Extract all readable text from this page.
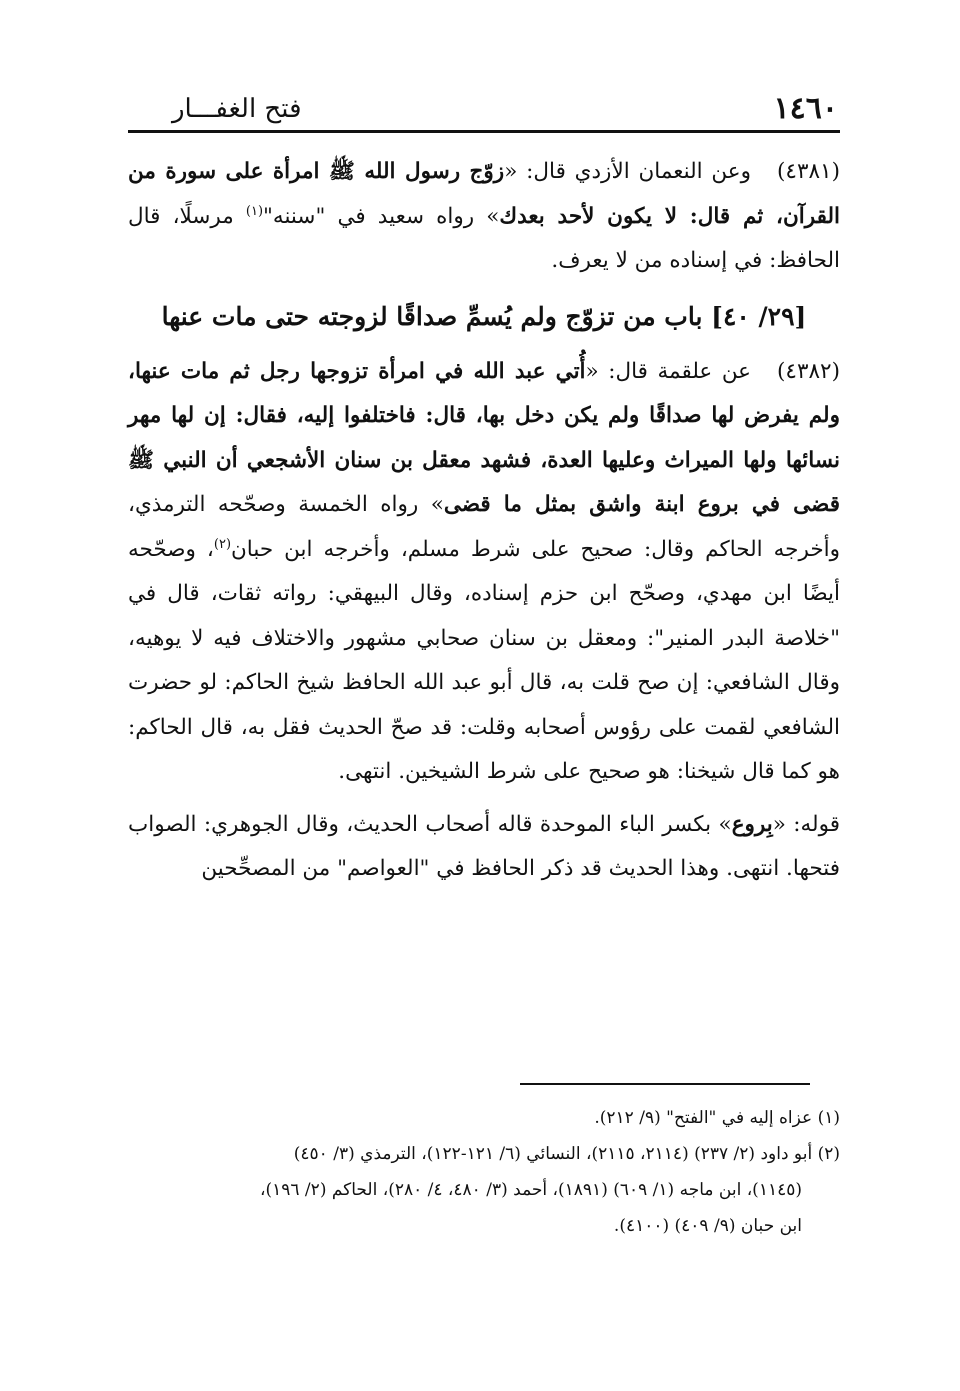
١٤٦٠
فتح الغفـــار

(٤٣٨١)وعن النعمان الأزدي قال: «زوّج رسول الله ﷺ امرأة على سورة من القرآن، ثم قال: لا يكون لأحد بعدك» رواه سعيد في "سننه"$^{(١)}$ مرسلًا، قال الحافظ: في إسناده من لا يعرف.

[٢٩/ ٤٠] باب من تزوّج ولم يُسمِّ صداقًا لزوجته حتى مات عنها

(٤٣٨٢)عن علقمة قال: «أُتي عبد الله في امرأة تزوجها رجل ثم مات عنها، ولم يفرض لها صداقًا ولم يكن دخل بها، قال: فاختلفوا إليه، فقال: إن لها مهر نسائها ولها الميراث وعليها العدة، فشهد معقل بن سنان الأشجعي أن النبي ﷺ قضى في بروع ابنة واشق بمثل ما قضى» رواه الخمسة وصحّحه الترمذي، وأخرجه الحاكم وقال: صحيح على شرط مسلم، وأخرجه ابن حبان$^{(٢)}$، وصحّحه أيضًا ابن مهدي، وصحّح ابن حزم إسناده، وقال البيهقي: رواته ثقات، قال في "خلاصة البدر المنير": ومعقل بن سنان صحابي مشهور والاختلاف فيه لا يوهيه، وقال الشافعي: إن صح قلت به، قال أبو عبد الله الحافظ شيخ الحاكم: لو حضرت الشافعي لقمت على رؤوس أصحابه وقلت: قد صحّ الحديث فقل به، قال الحاكم: هو كما قال شيخنا: هو صحيح على شرط الشيخين. انتهى.

قوله: «بِروع» بكسر الباء الموحدة قاله أصحاب الحديث، وقال الجوهري: الصواب فتحها. انتهى. وهذا الحديث قد ذكر الحافظ في "العواصم" من المصحِّحين

(١) عزاه إليه في "الفتح" (٩/ ٢١٢).

(٢) أبو داود (٢/ ٢٣٧) (٢١١٤، ٢١١٥)، النسائي (٦/ ١٢١-١٢٢)، الترمذي (٣/ ٤٥٠)

(١١٤٥)، ابن ماجه (١/ ٦٠٩) (١٨٩١)، أحمد (٣/ ٤٨٠، ٤/ ٢٨٠)، الحاكم (٢/ ١٩٦)،

ابن حبان (٩/ ٤٠٩) (٤١٠٠).
